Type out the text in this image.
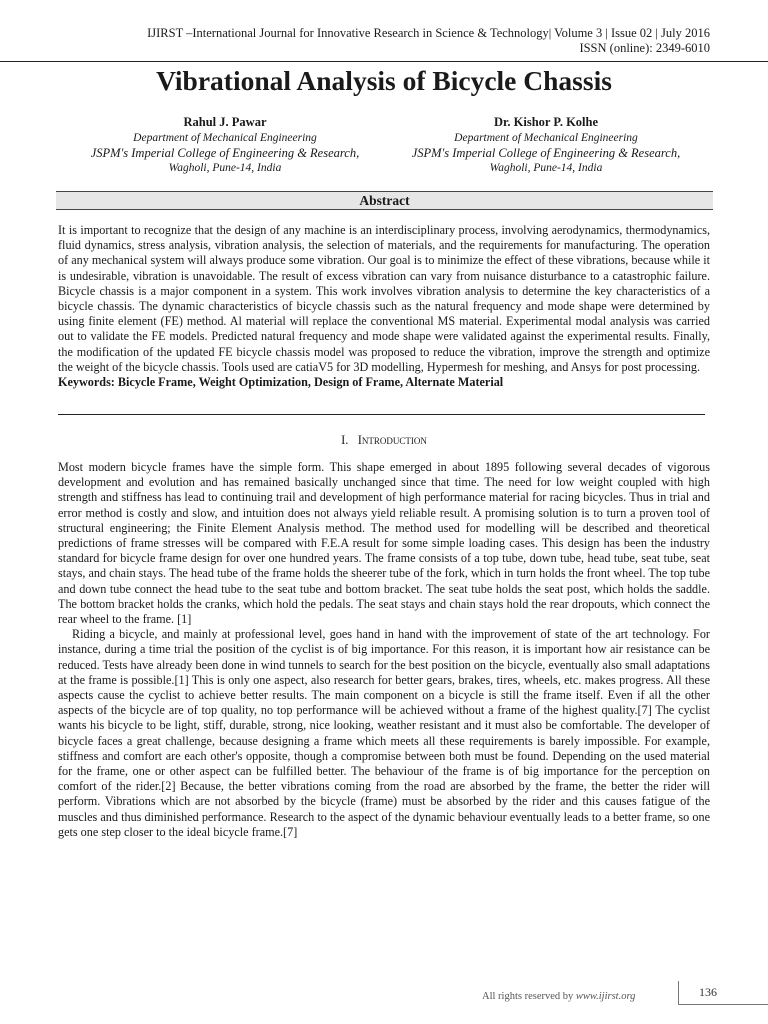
IJIRST –International Journal for Innovative Research in Science & Technology| Volume 3 | Issue 02 | July 2016
ISSN (online): 2349-6010
Vibrational Analysis of Bicycle Chassis
Rahul J. Pawar
Department of Mechanical Engineering
JSPM's Imperial College of Engineering & Research,
Wagholi, Pune-14, India
Dr. Kishor P. Kolhe
Department of Mechanical Engineering
JSPM's Imperial College of Engineering & Research,
Wagholi, Pune-14, India
Abstract
It is important to recognize that the design of any machine is an interdisciplinary process, involving aerodynamics, thermodynamics, fluid dynamics, stress analysis, vibration analysis, the selection of materials, and the requirements for manufacturing. The operation of any mechanical system will always produce some vibration. Our goal is to minimize the effect of these vibrations, because while it is undesirable, vibration is unavoidable. The result of excess vibration can vary from nuisance disturbance to a catastrophic failure. Bicycle chassis is a major component in a system. This work involves vibration analysis to determine the key characteristics of a bicycle chassis. The dynamic characteristics of bicycle chassis such as the natural frequency and mode shape were determined by using finite element (FE) method. Al material will replace the conventional MS material. Experimental modal analysis was carried out to validate the FE models. Predicted natural frequency and mode shape were validated against the experimental results. Finally, the modification of the updated FE bicycle chassis model was proposed to reduce the vibration, improve the strength and optimize the weight of the bicycle chassis. Tools used are catiaV5 for 3D modelling, Hypermesh for meshing, and Ansys for post processing.
Keywords: Bicycle Frame, Weight Optimization, Design of Frame, Alternate Material
I. Introduction

Most modern bicycle frames have the simple form. This shape emerged in about 1895 following several decades of vigorous development and evolution and has remained basically unchanged since that time. The need for low weight coupled with high strength and stiffness has lead to continuing trail and development of high performance material for racing bicycles. Thus in trial and error method is costly and slow, and intuition does not always yield reliable result. A promising solution is to turn a proven tool of structural engineering; the Finite Element Analysis method. The method used for modelling will be described and theoretical predictions of frame stresses will be compared with F.E.A result for some simple loading cases. This design has been the industry standard for bicycle frame design for over one hundred years. The frame consists of a top tube, down tube, head tube, seat tube, seat stays, and chain stays. The head tube of the frame holds the sheerer tube of the fork, which in turn holds the front wheel. The top tube and down tube connect the head tube to the seat tube and bottom bracket. The seat tube holds the seat post, which holds the saddle. The bottom bracket holds the cranks, which hold the pedals. The seat stays and chain stays hold the rear dropouts, which connect the rear wheel to the frame. [1]

Riding a bicycle, and mainly at professional level, goes hand in hand with the improvement of state of the art technology. For instance, during a time trial the position of the cyclist is of big importance. For this reason, it is important how air resistance can be reduced. Tests have already been done in wind tunnels to search for the best position on the bicycle, eventually also small adaptations at the frame is possible.[1] This is only one aspect, also research for better gears, brakes, tires, wheels, etc. makes progress. All these aspects cause the cyclist to achieve better results. The main component on a bicycle is still the frame itself. Even if all the other aspects of the bicycle are of top quality, no top performance will be achieved without a frame of the highest quality.[7] The cyclist wants his bicycle to be light, stiff, durable, strong, nice looking, weather resistant and it must also be comfortable. The developer of bicycle faces a great challenge, because designing a frame which meets all these requirements is barely impossible. For example, stiffness and comfort are each other's opposite, though a compromise between both must be found. Depending on the used material for the frame, one or other aspect can be fulfilled better. The behaviour of the frame is of big importance for the perception on comfort of the rider.[2] Because, the better vibrations coming from the road are absorbed by the frame, the better the rider will perform. Vibrations which are not absorbed by the bicycle (frame) must be absorbed by the rider and this causes fatigue of the muscles and thus diminished performance. Research to the aspect of the dynamic behaviour eventually leads to a better frame, so one gets one step closer to the ideal bicycle frame.[7]

All rights reserved by www.ijirst.org	136
